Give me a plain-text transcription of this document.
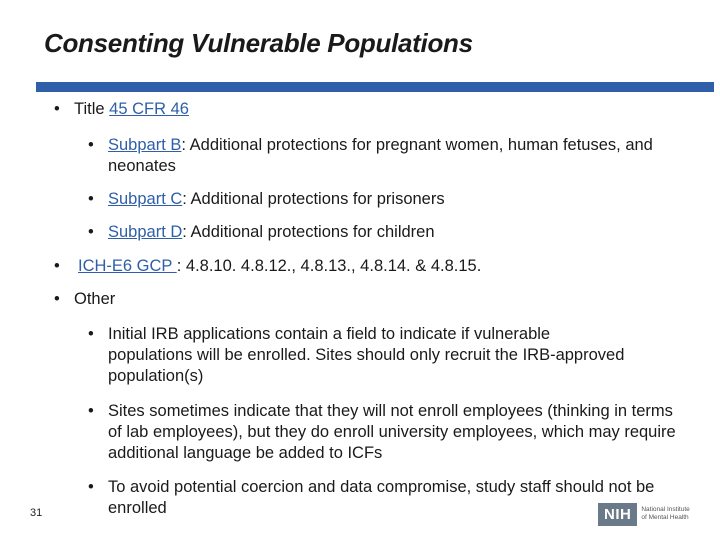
Consenting Vulnerable Populations
• Title 45 CFR 46
• Subpart B: Additional protections for pregnant women, human fetuses, and neonates
• Subpart C: Additional protections for prisoners
• Subpart D: Additional protections for children
•	ICH-E6 GCP : 4.8.10. 4.8.12., 4.8.13., 4.8.14. & 4.8.15.
• Other
• Initial IRB applications contain a field to indicate if vulnerable populations will be enrolled. Sites should only recruit the IRB-approved population(s)
• Sites sometimes indicate that they will not enroll employees (thinking in terms of lab employees), but they do enroll university employees, which may require additional language be added to ICFs
• To avoid potential coercion and data compromise, study staff should not be enrolled
31	NIH	National Institute
of Mental Health
